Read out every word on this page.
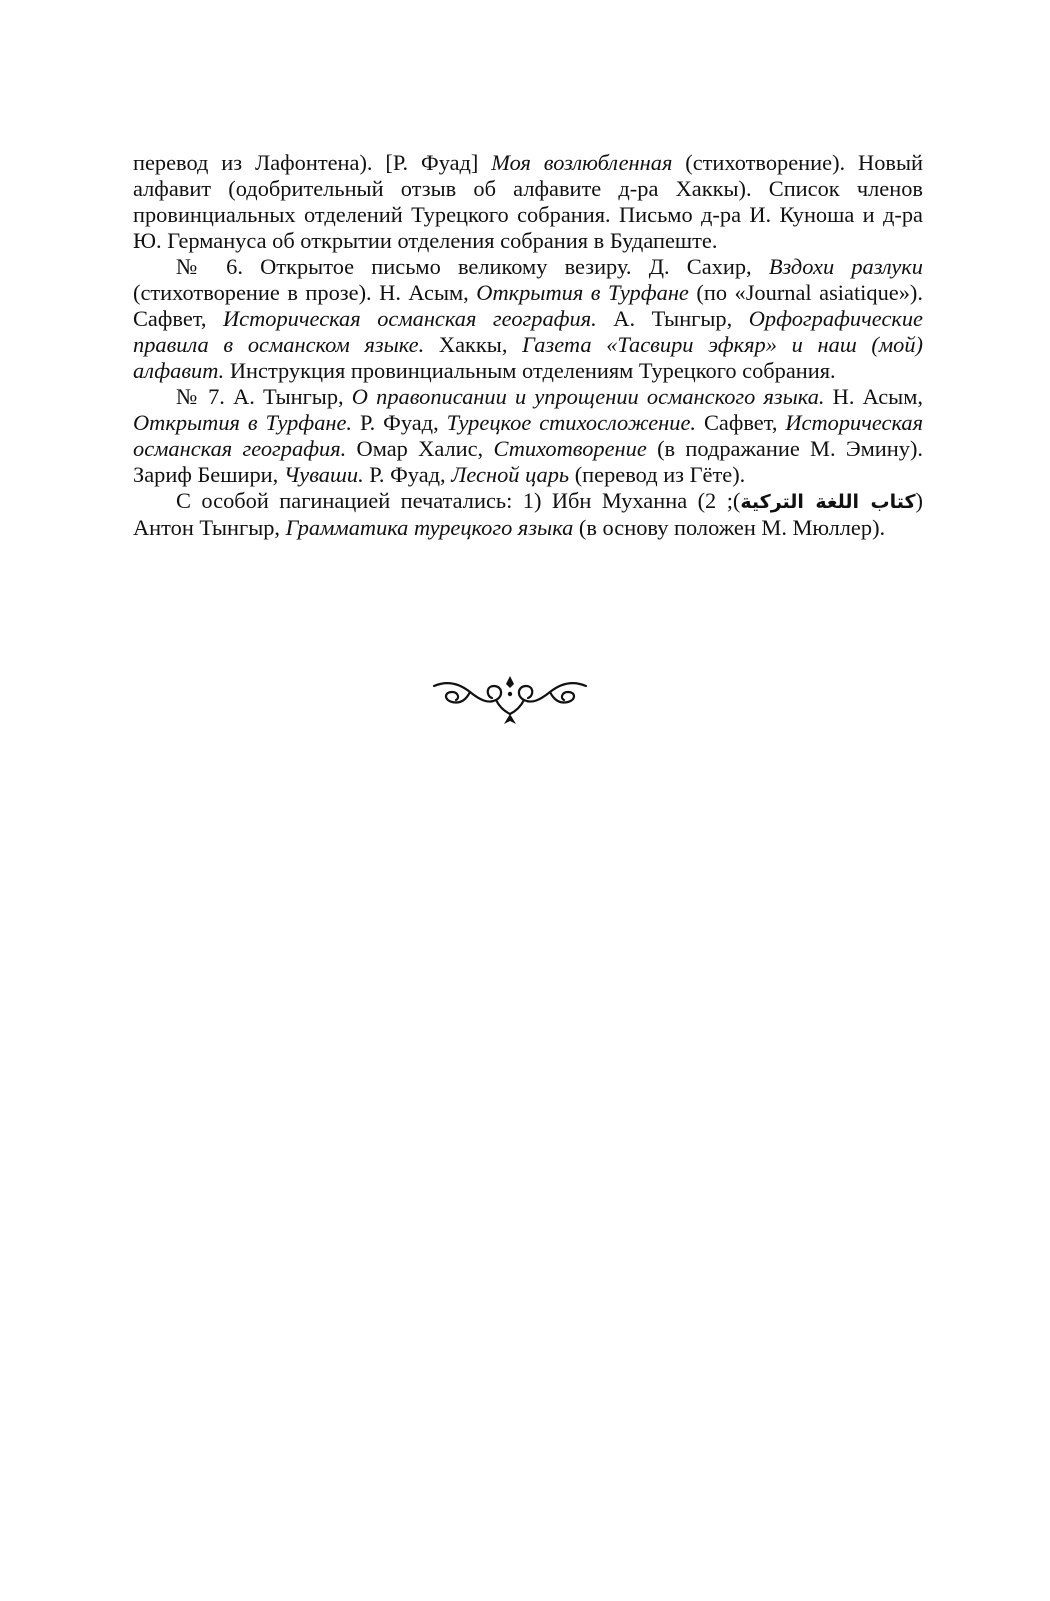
перевод из Лафонтена). [Р. Фуад] Моя возлюбленная (стихотворение). Новый алфавит (одобрительный отзыв об алфавите д-ра Хаккы). Список членов провинциальных отделений Турецкого собрания. Письмо д-ра И. Куноша и д-ра Ю. Германуса об открытии отделения собрания в Будапеште.

№ 6. Открытое письмо великому везиру. Д. Сахир, Вздохи разлуки (стихотворение в прозе). Н. Асым, Открытия в Турфане (по «Journal asiatique»). Сафвет, Историческая османская география. А. Тынгыр, Орфографические правила в османском языке. Хаккы, Газета «Тасвири эфкяр» и наш (мой) алфавит. Инструкция провинциальным отделениям Турецкого собрания.

№ 7. А. Тынгыр, О правописании и упрощении османского языка. Н. Асым, Открытия в Турфане. Р. Фуад, Турецкое стихосложение. Сафвет, Историческая османская география. Омар Халис, Стихотворение (в подражание М. Эмину). Зариф Бешири, Чуваши. Р. Фуад, Лесной царь (перевод из Гёте).

С особой пагинацией печатались: 1) Ибн Муханна ( كتاب اللغة التركية); 2) Антон Тынгыр, Грамматика турецкого языка (в основу положен М. Мюллер).
